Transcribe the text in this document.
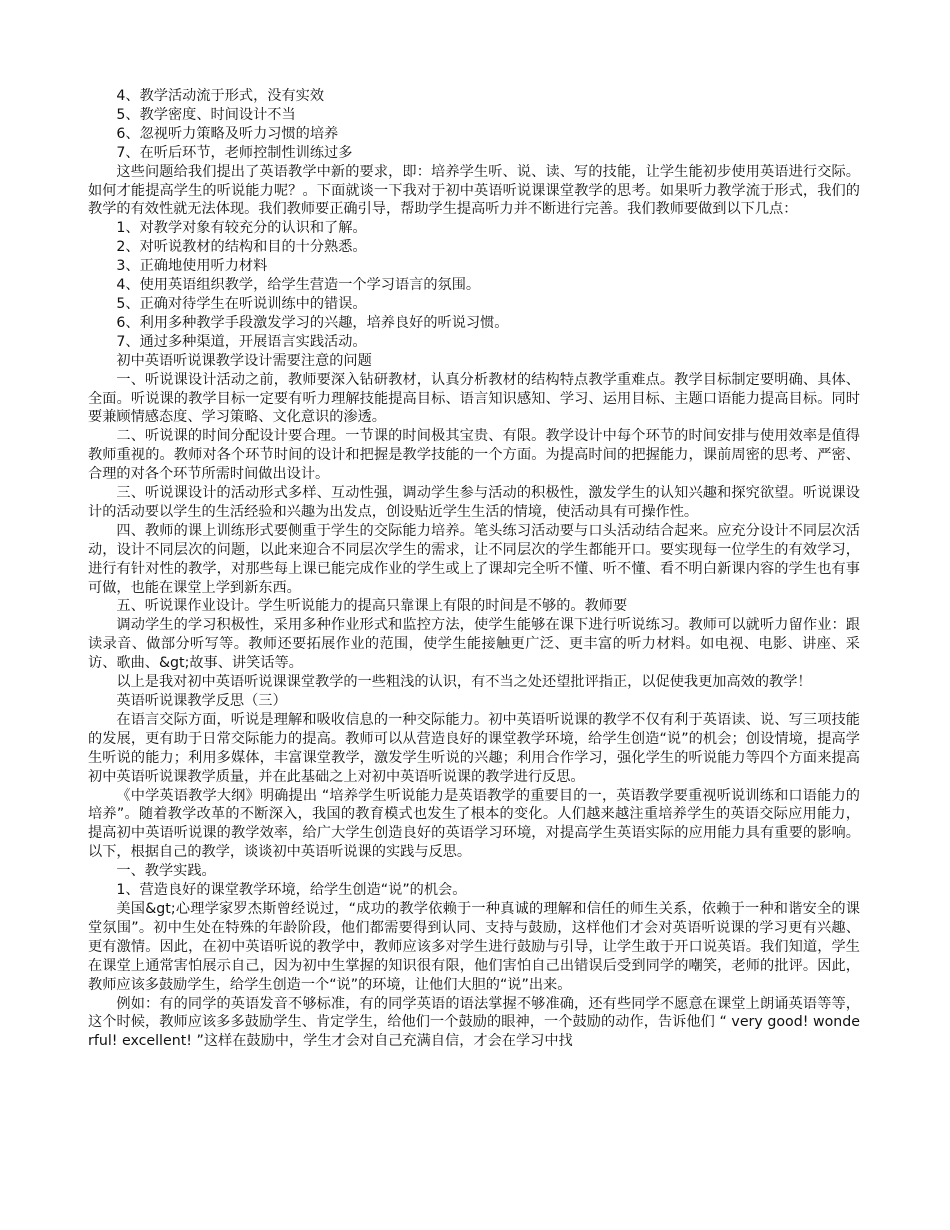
4、教学活动流于形式，没有实效

5、教学密度、时间设计不当

6、忽视听力策略及听力习惯的培养

7、在听后环节，老师控制性训练过多

这些问题给我们提出了英语教学中新的要求，即：培养学生听、说、读、写的技能，让学生能初步使用英语进行交际。如何才能提高学生的听说能力呢？。下面就谈一下我对于初中英语听说课课堂教学的思考。如果听力教学流于形式，我们的教学的有效性就无法体现。我们教师要正确引导，帮助学生提高听力并不断进行完善。我们教师要做到以下几点：

1、对教学对象有较充分的认识和了解。

2、对听说教材的结构和目的十分熟悉。

3、正确地使用听力材料

4、使用英语组织教学，给学生营造一个学习语言的氛围。

5、正确对待学生在听说训练中的错误。

6、利用多种教学手段激发学习的兴趣，培养良好的听说习惯。

7、通过多种渠道，开展语言实践活动。

初中英语听说课教学设计需要注意的问题

一、听说课设计活动之前，教师要深入钻研教材，认真分析教材的结构特点教学重难点。教学目标制定要明确、具体、全面。听说课的教学目标一定要有听力理解技能提高目标、语言知识感知、学习、运用目标、主题口语能力提高目标。同时要兼顾情感态度、学习策略、文化意识的渗透。

二、听说课的时间分配设计要合理。一节课的时间极其宝贵、有限。教学设计中每个环节的时间安排与使用效率是值得教师重视的。教师对各个环节时间的设计和把握是教学技能的一个方面。为提高时间的把握能力，课前周密的思考、严密、合理的对各个环节所需时间做出设计。

三、听说课设计的活动形式多样、互动性强，调动学生参与活动的积极性，激发学生的认知兴趣和探究欲望。听说课设计的活动要以学生的生活经验和兴趣为出发点，创设贴近学生生活的情境，使活动具有可操作性。

四、教师的课上训练形式要侧重于学生的交际能力培养。笔头练习活动要与口头活动结合起来。应充分设计不同层次活动，设计不同层次的问题，以此来迎合不同层次学生的需求，让不同层次的学生都能开口。要实现每一位学生的有效学习，进行有针对性的教学，对那些每上课已能完成作业的学生或上了课却完全听不懂、听不懂、看不明白新课内容的学生也有事可做，也能在课堂上学到新东西。

五、听说课作业设计。学生听说能力的提高只靠课上有限的时间是不够的。教师要

调动学生的学习积极性，采用多种作业形式和监控方法，使学生能够在课下进行听说练习。教师可以就听力留作业：跟读录音、做部分听写等。教师还要拓展作业的范围，使学生能接触更广泛、更丰富的听力材料。如电视、电影、讲座、采访、歌曲、&gt;故事、讲笑话等。

以上是我对初中英语听说课课堂教学的一些粗浅的认识，有不当之处还望批评指正，以促使我更加高效的教学！

英语听说课教学反思（三）

在语言交际方面，听说是理解和吸收信息的一种交际能力。初中英语听说课的教学不仅有利于英语读、说、写三项技能的发展，更有助于日常交际能力的提高。教师可以从营造良好的课堂教学环境，给学生创造“说”的机会；创设情境，提高学生听说的能力；利用多媒体，丰富课堂教学，激发学生听说的兴趣；利用合作学习，强化学生的听说能力等四个方面来提高初中英语听说课教学质量，并在此基础之上对初中英语听说课的教学进行反思。

《中学英语教学大纲》明确提出 “培养学生听说能力是英语教学的重要目的一，英语教学要重视听说训练和口语能力的培养”。随着教学改革的不断深入，我国的教育模式也发生了根本的变化。人们越来越注重培养学生的英语交际应用能力，提高初中英语听说课的教学效率，给广大学生创造良好的英语学习环境，对提高学生英语实际的应用能力具有重要的影响。以下，根据自己的教学，谈谈初中英语听说课的实践与反思。

一、教学实践。

1、营造良好的课堂教学环境，给学生创造“说”的机会。

美国&gt;心理学家罗杰斯曾经说过，“成功的教学依赖于一种真诚的理解和信任的师生关系，依赖于一种和谐安全的课堂氛围”。初中生处在特殊的年龄阶段，他们都需要得到认同、支持与鼓励，这样他们才会对英语听说课的学习更有兴趣、更有激情。因此，在初中英语听说的教学中，教师应该多对学生进行鼓励与引导，让学生敢于开口说英语。我们知道，学生在课堂上通常害怕展示自己，因为初中生掌握的知识很有限，他们害怕自己出错误后受到同学的嘲笑，老师的批评。因此，教师应该多鼓励学生，给学生创造一个“说”的环境，让他们大胆的“说”出来。

例如：有的同学的英语发音不够标准，有的同学英语的语法掌握不够准确，还有些同学不愿意在课堂上朗诵英语等等，这个时候，教师应该多多鼓励学生、肯定学生，给他们一个鼓励的眼神，一个鼓励的动作，告诉他们 “ very good! wonderful! excellent! ”这样在鼓励中，学生才会对自己充满自信，才会在学习中找
